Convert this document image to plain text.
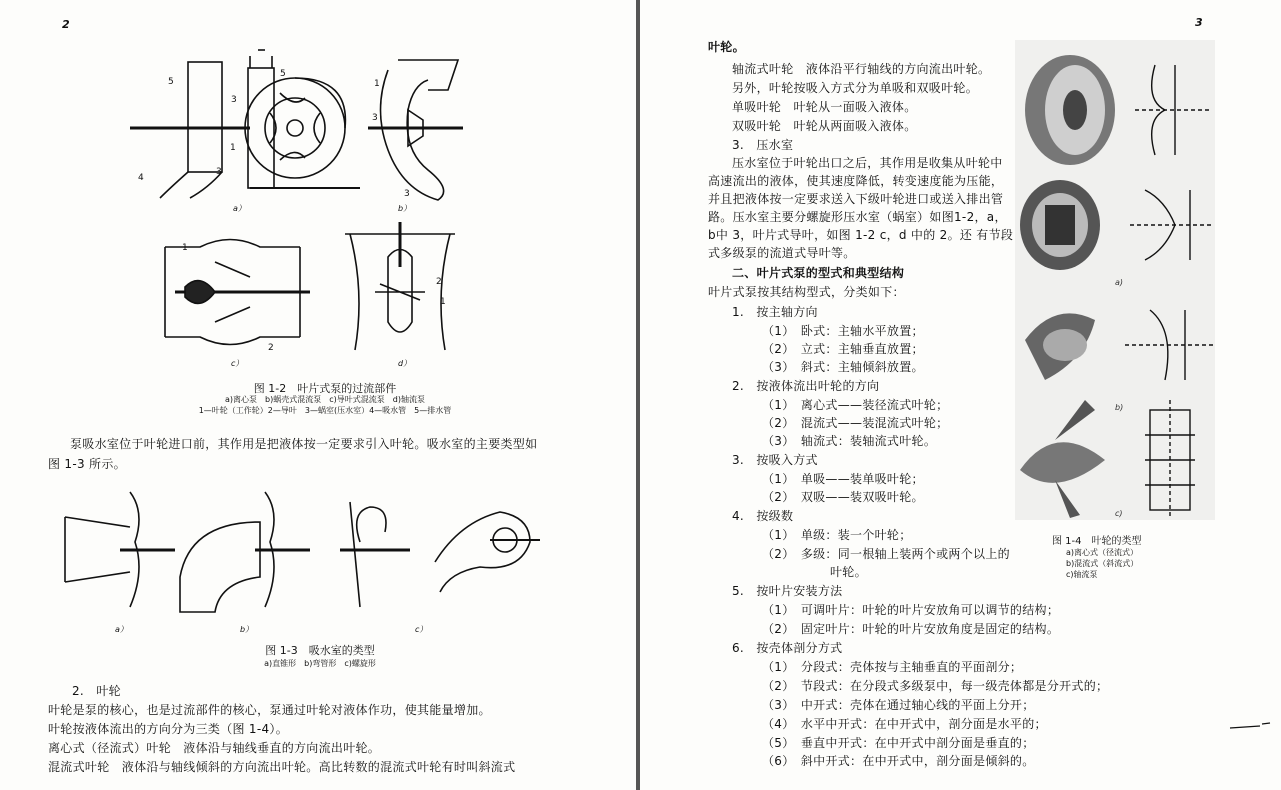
2
5
3
1
4
3
5
a）
1
3
3
b）
1
2
c）
2
1
d）
图 1-2　叶片式泵的过流部件
a)离心泵　b)蜗壳式混流泵　c)导叶式混流泵　d)轴流泵
1—叶轮（工作轮）2—导叶　3—蜗室(压水室）4—吸水管　5—排水管
泵吸水室位于叶轮进口前，其作用是把液体按一定要求引入叶轮。吸水室的主要类型如
图 1-3 所示。
a）	b）	c）
图 1-3　吸水室的类型
a)直锥形　b)弯管形　c)螺旋形
2.　叶轮
叶轮是泵的核心，也是过流部件的核心，泵通过叶轮对液体作功，使其能量增加。
叶轮按液体流出的方向分为三类（图 1-4）。
离心式（径流式）叶轮　液体沿与轴线垂直的方向流出叶轮。
混流式叶轮　液体沿与轴线倾斜的方向流出叶轮。高比转数的混流式叶轮有时叫斜流式
3
叶轮。
轴流式叶轮　液体沿平行轴线的方向流出叶轮。
另外，叶轮按吸入方式分为单吸和双吸叶轮。
单吸叶轮　叶轮从一面吸入液体。
双吸叶轮　叶轮从两面吸入液体。
3.　压水室
压水室位于叶轮出口之后，其作用是收集从叶轮中
高速流出的液体，使其速度降低，转变速度能为压能，
并且把液体按一定要求送入下级叶轮进口或送入排出管
路。压水室主要分螺旋形压水室（蜗室）如图1-2，a，
b中 3，叶片式导叶，如图 1-2 c，d 中的 2。还 有节段
式多级泵的流道式导叶等。
二、叶片式泵的型式和典型结构
叶片式泵按其结构型式，分类如下：
1.　按主轴方向
（1）　卧式：主轴水平放置；
（2）　立式：主轴垂直放置；
（3）　斜式：主轴倾斜放置。
2.　按液体流出叶轮的方向
（1）　离心式——装径流式叶轮；
（2）　混流式——装混流式叶轮；
（3）　轴流式：装轴流式叶轮。
3.　按吸入方式
（1）　单吸——装单吸叶轮；
（2）　双吸——装双吸叶轮。
4.　按级数
（1）　单级：装一个叶轮；
（2）　多级：同一根轴上装两个或两个以上的
叶轮。
5.　按叶片安装方法
（1）　可调叶片：叶轮的叶片安放角可以调节的结构；
（2）　固定叶片：叶轮的叶片安放角度是固定的结构。
6.　按壳体剖分方式
（1）　分段式：壳体按与主轴垂直的平面剖分；
（2）　节段式：在分段式多级泵中，每一级壳体都是分开式的；
（3）　中开式：壳体在通过轴心线的平面上分开；
（4）　水平中开式：在中开式中，剖分面是水平的；
（5）　垂直中开式：在中开式中剖分面是垂直的；
（6）　斜中开式：在中开式中，剖分面是倾斜的。
a)
b)
c)
图 1-4　叶轮的类型
a)离心式（径流式）
b)混流式（斜流式）
c)轴流泵
